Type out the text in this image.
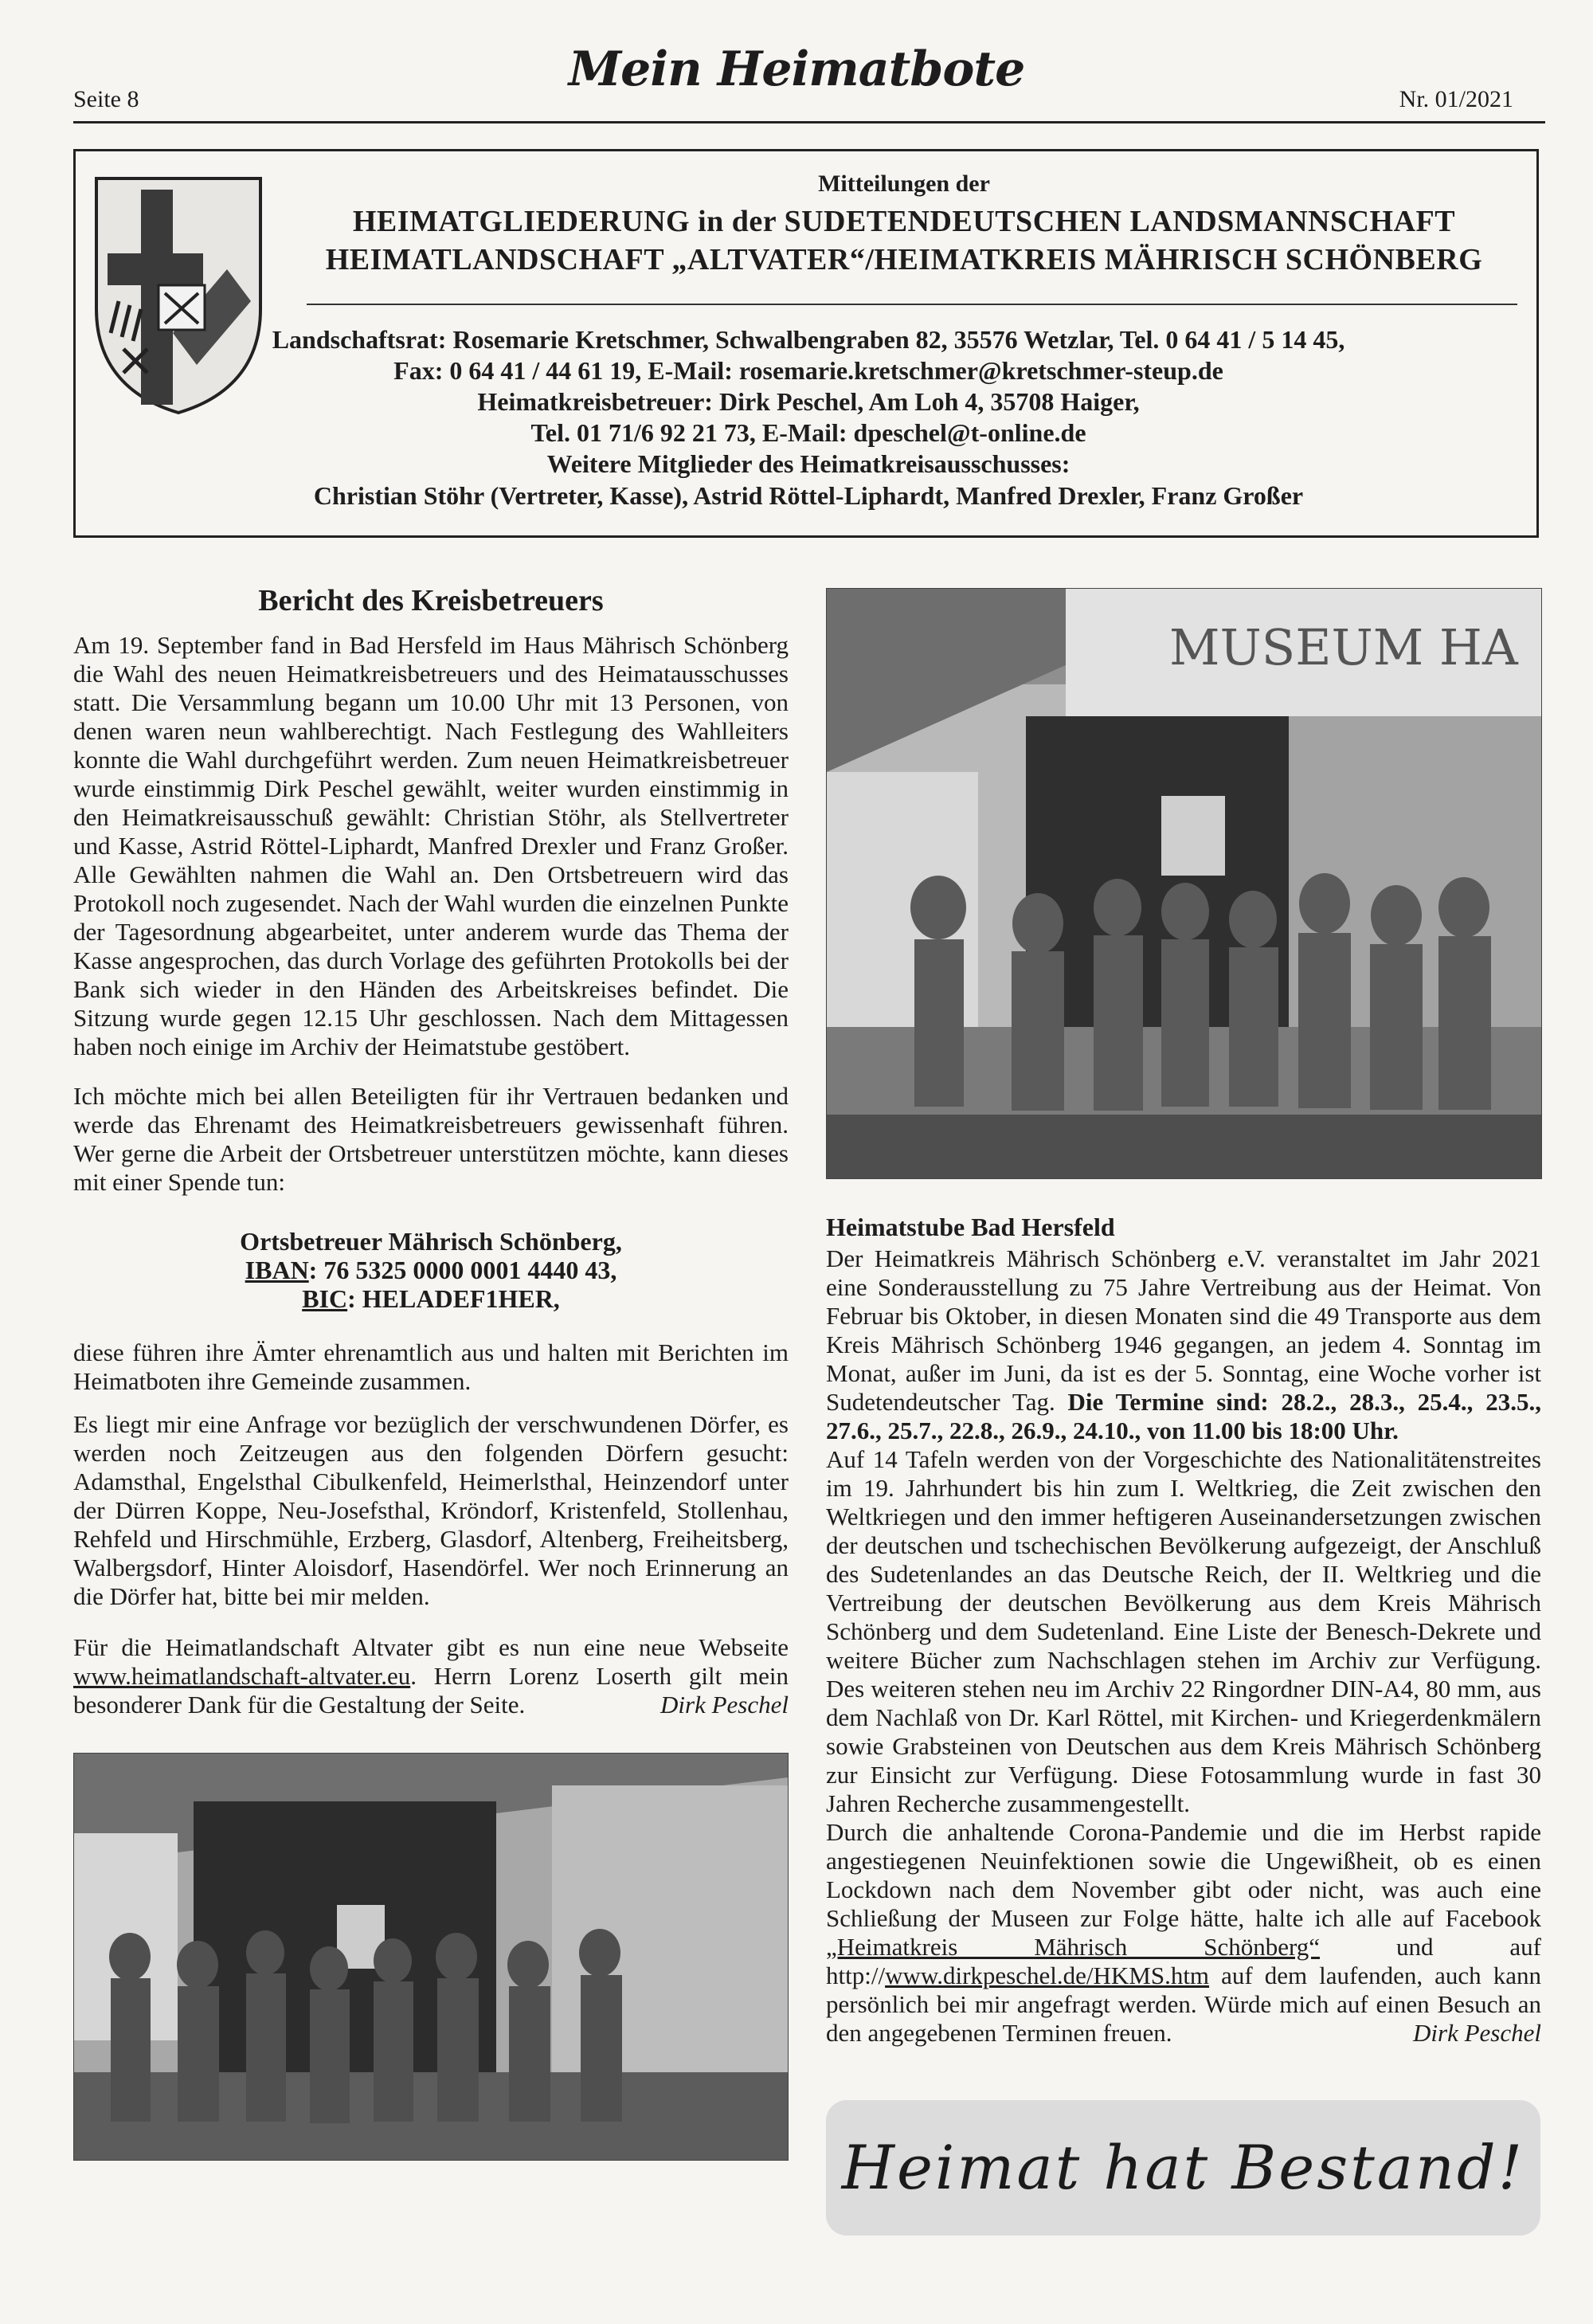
Seite 8
Mein Heimatbote
Nr. 01/2021
Mitteilungen der
HEIMATGLIEDERUNG in der SUDETENDEUTSCHEN LANDSMANNSCHAFT
HEIMATLANDSCHAFT „ALTVATER“/HEIMATKREIS MÄHRISCH SCHÖNBERG
Landschaftsrat: Rosemarie Kretschmer, Schwalbengraben 82, 35576 Wetzlar, Tel. 0 64 41 / 5 14 45,
Fax: 0 64 41 / 44 61 19, E-Mail: rosemarie.kretschmer@kretschmer-steup.de
Heimatkreisbetreuer: Dirk Peschel, Am Loh 4, 35708 Haiger,
Tel. 01 71/6 92 21 73, E-Mail: dpeschel@t-online.de
Weitere Mitglieder des Heimatkreisausschusses:
Christian Stöhr (Vertreter, Kasse), Astrid Röttel-Liphardt, Manfred Drexler, Franz Großer
Bericht des Kreisbetreuers
Am 19. September fand in Bad Hersfeld im Haus Mährisch Schönberg die Wahl des neuen Heimatkreisbetreuers und des Heimatausschusses statt. Die Versammlung begann um 10.00 Uhr mit 13 Personen, von denen waren neun wahlberechtigt. Nach Festlegung des Wahlleiters konnte die Wahl durchgeführt werden. Zum neuen Heimatkreisbetreuer wurde einstimmig Dirk Peschel gewählt, weiter wurden einstimmig in den Heimatkreisausschuß gewählt: Christian Stöhr, als Stellvertreter und Kasse, Astrid Röttel-Liphardt, Manfred Drexler und Franz Großer. Alle Gewählten nahmen die Wahl an. Den Ortsbetreuern wird das Protokoll noch zugesendet. Nach der Wahl wurden die einzelnen Punkte der Tagesordnung abgearbeitet, unter anderem wurde das Thema der Kasse angesprochen, das durch Vorlage des geführten Protokolls bei der Bank sich wieder in den Händen des Arbeitskreises befindet. Die Sitzung wurde gegen 12.15 Uhr geschlossen. Nach dem Mittagessen haben noch einige im Archiv der Heimatstube gestöbert.
Ich möchte mich bei allen Beteiligten für ihr Vertrauen bedanken und werde das Ehrenamt des Heimatkreisbetreuers gewissenhaft führen. Wer gerne die Arbeit der Ortsbetreuer unterstützen möchte, kann dieses mit einer Spende tun:
Ortsbetreuer Mährisch Schönberg,
IBAN: 76 5325 0000 0001 4440 43,
BIC: HELADEF1HER,
diese führen ihre Ämter ehrenamtlich aus und halten mit Berichten im Heimatboten ihre Gemeinde zusammen.
Es liegt mir eine Anfrage vor bezüglich der verschwundenen Dörfer, es werden noch Zeitzeugen aus den folgenden Dörfern gesucht: Adamsthal, Engelsthal Cibulkenfeld, Heimerlsthal, Heinzendorf unter der Dürren Koppe, Neu-Josefsthal, Kröndorf, Kristenfeld, Stollenhau, Rehfeld und Hirschmühle, Erzberg, Glasdorf, Altenberg, Freiheitsberg, Walbergsdorf, Hinter Aloisdorf, Hasendörfel. Wer noch Erinnerung an die Dörfer hat, bitte bei mir melden.
Für die Heimatlandschaft Altvater gibt es nun eine neue Webseite www.heimatlandschaft-altvater.eu. Herrn Lorenz Loserth gilt mein besonderer Dank für die Gestaltung der Seite.	Dirk Peschel
MUSEUM HA
Heimatstube Bad Hersfeld
Der Heimatkreis Mährisch Schönberg e.V. veranstaltet im Jahr 2021 eine Sonderausstellung zu 75 Jahre Vertreibung aus der Heimat. Von Februar bis Oktober, in diesen Monaten sind die 49 Transporte aus dem Kreis Mährisch Schönberg 1946 gegangen, an jedem 4. Sonntag im Monat, außer im Juni, da ist es der 5. Sonntag, eine Woche vorher ist Sudetendeutscher Tag. Die Termine sind: 28.2., 28.3., 25.4., 23.5., 27.6., 25.7., 22.8., 26.9., 24.10., von 11.00 bis 18:00 Uhr.
Auf 14 Tafeln werden von der Vorgeschichte des Nationalitätenstreites im 19. Jahrhundert bis hin zum I. Weltkrieg, die Zeit zwischen den Weltkriegen und den immer heftigeren Auseinandersetzungen zwischen der deutschen und tschechischen Bevölkerung aufgezeigt, der Anschluß des Sudetenlandes an das Deutsche Reich, der II. Weltkrieg und die Vertreibung der deutschen Bevölkerung aus dem Kreis Mährisch Schönberg und dem Sudetenland. Eine Liste der Benesch-Dekrete und weitere Bücher zum Nachschlagen stehen im Archiv zur Verfügung. Des weiteren stehen neu im Archiv 22 Ringordner DIN-A4, 80 mm, aus dem Nachlaß von Dr. Karl Röttel, mit Kirchen- und Kriegerdenkmälern sowie Grabsteinen von Deutschen aus dem Kreis Mährisch Schönberg zur Einsicht zur Verfügung. Diese Fotosammlung wurde in fast 30 Jahren Recherche zusammengestellt.
Durch die anhaltende Corona-Pandemie und die im Herbst rapide angestiegenen Neuinfektionen sowie die Ungewißheit, ob es einen Lockdown nach dem November gibt oder nicht, was auch eine Schließung der Museen zur Folge hätte, halte ich alle auf Facebook „Heimatkreis Mährisch Schönberg“ und auf http://www.dirkpeschel.de/HKMS.htm auf dem laufenden, auch kann persönlich bei mir angefragt werden. Würde mich auf einen Besuch an den angegebenen Terminen freuen.	Dirk Peschel
Heimat hat Bestand!
